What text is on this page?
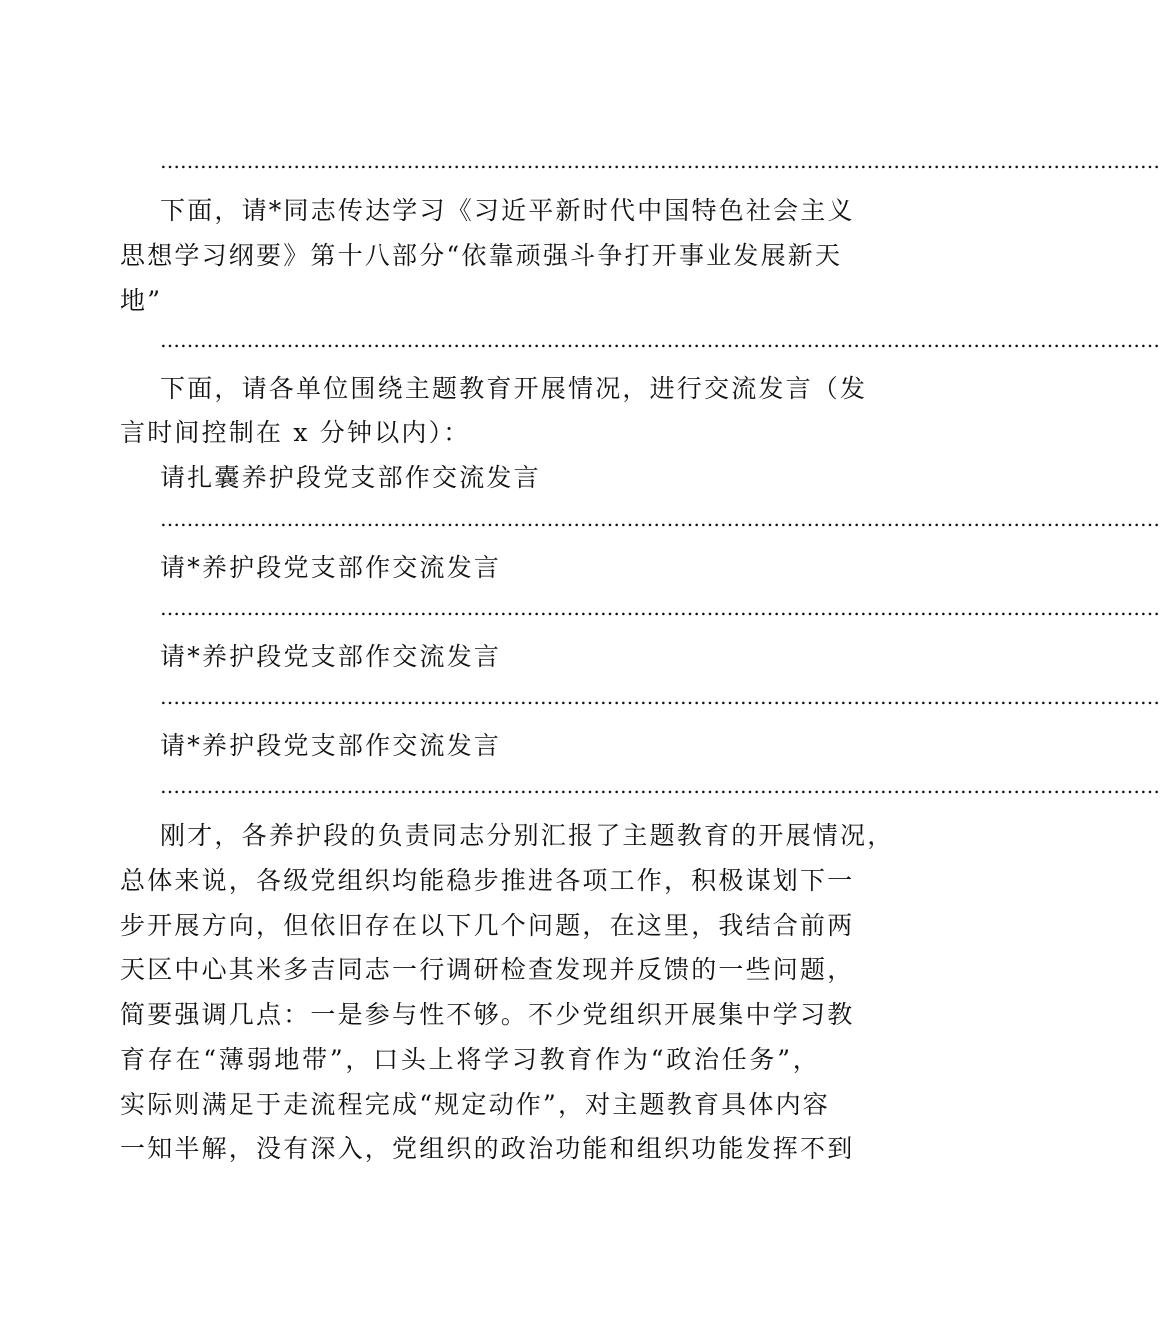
……………………………………………………………………………………………………………………………………
下面，请*同志传达学习《习近平新时代中国特色社会主义
思想学习纲要》第十八部分“依靠顽强斗争打开事业发展新天
地”
……………………………………………………………………………………………………………………………………
下面，请各单位围绕主题教育开展情况，进行交流发言（发
言时间控制在 x 分钟以内）：
请扎囊养护段党支部作交流发言
……………………………………………………………………………………………………………………………………
请*养护段党支部作交流发言
……………………………………………………………………………………………………………………………………
请*养护段党支部作交流发言
……………………………………………………………………………………………………………………………………
请*养护段党支部作交流发言
……………………………………………………………………………………………………………………………………
刚才，各养护段的负责同志分别汇报了主题教育的开展情况，
总体来说，各级党组织均能稳步推进各项工作，积极谋划下一
步开展方向，但依旧存在以下几个问题，在这里，我结合前两
天区中心其米多吉同志一行调研检查发现并反馈的一些问题，
简要强调几点：一是参与性不够。不少党组织开展集中学习教
育存在“薄弱地带”，口头上将学习教育作为“政治任务”，
实际则满足于走流程完成“规定动作”，对主题教育具体内容
一知半解，没有深入，党组织的政治功能和组织功能发挥不到
